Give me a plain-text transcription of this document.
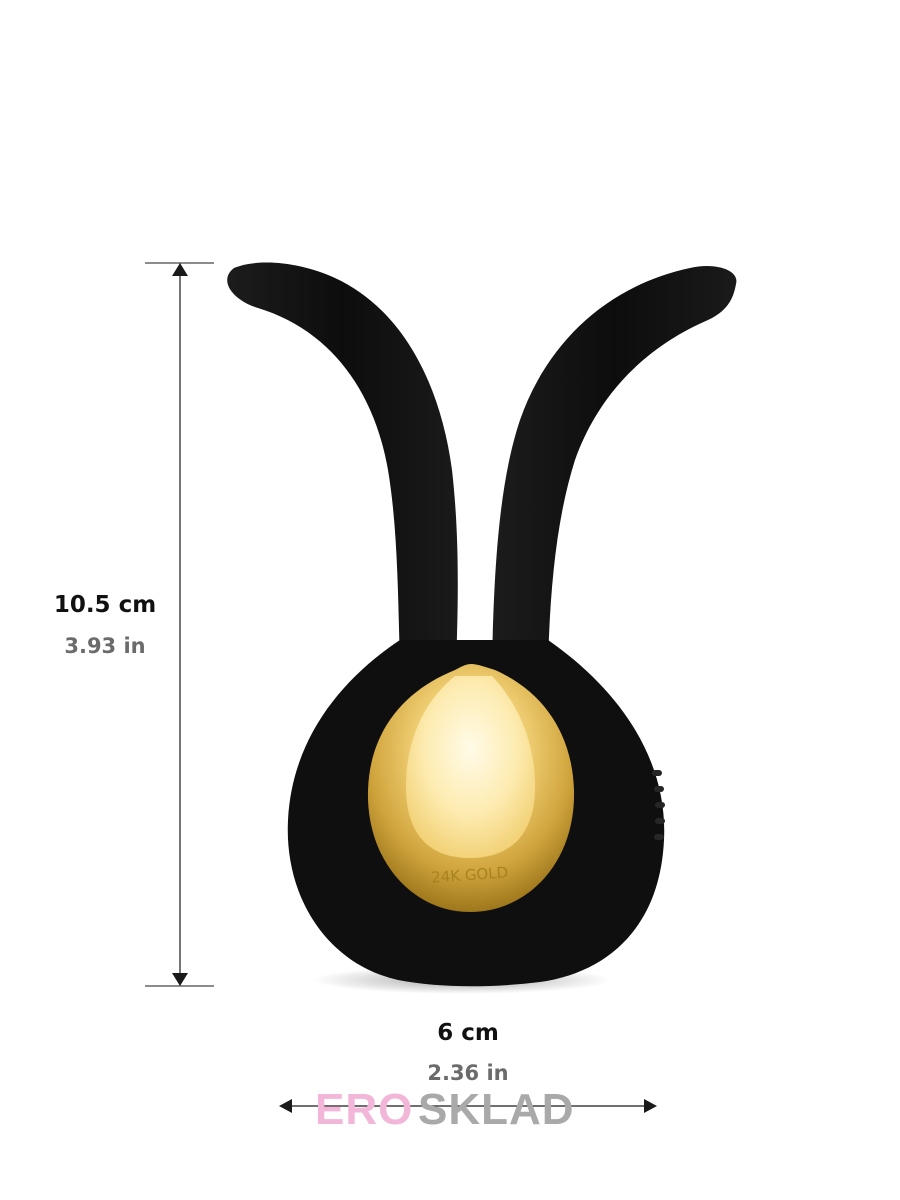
24K GOLD
10.5 cm
3.93 in
6 cm
2.36 in
ERO SKLAD
